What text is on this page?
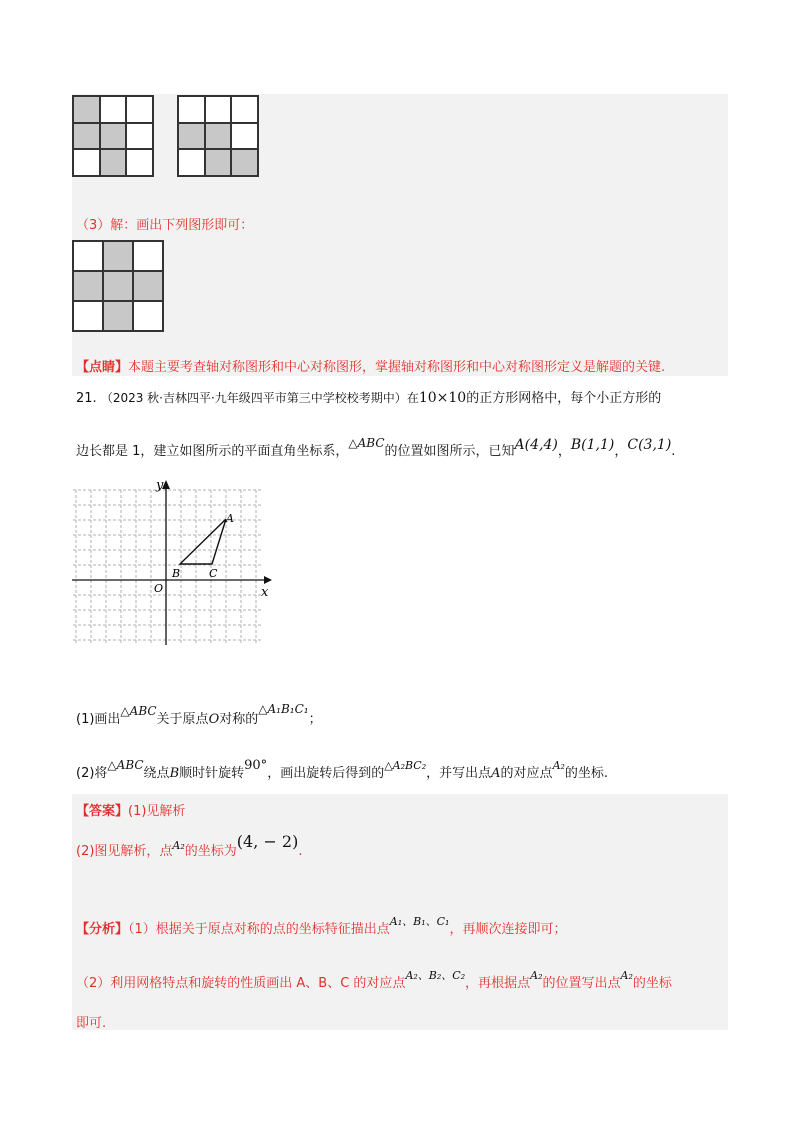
（3）解：画出下列图形即可：
【点睛】本题主要考查轴对称图形和中心对称图形，掌握轴对称图形和中心对称图形定义是解题的关键.
21. （2023 秋·吉林四平·九年级四平市第三中学校校考期中）在10×10的正方形网格中，每个小正方形的
边长都是 1，建立如图所示的平面直角坐标系，△ABC的位置如图所示，已知A(4,4)，B(1,1)，C(3,1).
y
x
O
A
B	C
(1)画出△ABC关于原点O对称的△A₁B₁C₁；
(2)将△ABC绕点B顺时针旋转90°，画出旋转后得到的$^{\triangle A_2BC_2}$，并写出点A的对应点$^{A_2}$的坐标.
【答案】(1)见解析
(2)图见解析，点$^{A_2}$的坐标为(4, − 2).
【分析】（1）根据关于原点对称的点的坐标特征描出点$^{A_1、B_1、C_1}$，再顺次连接即可；
（2）利用网格特点和旋转的性质画出 A、B、C 的对应点$^{A_2、B_2、C_2}$，再根据点$^{A_2}$的位置写出点$^{A_2}$的坐标
即可.
